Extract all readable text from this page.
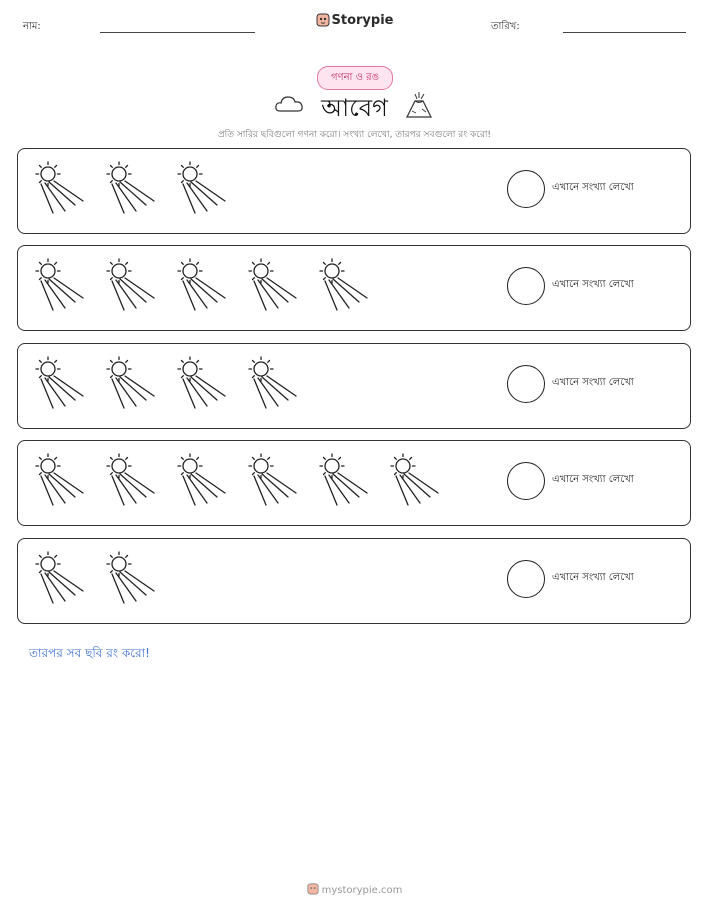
নাম:	Storypie	তারিখ:
গণনা ও রঙ
আবেগ
প্রতি সারির ছবিগুলো গণনা করো। সংখ্যা লেখো, তারপর সবগুলো রং করো!
এখানে সংখ্যা লেখো
এখানে সংখ্যা লেখো
এখানে সংখ্যা লেখো
এখানে সংখ্যা লেখো
এখানে সংখ্যা লেখো
তারপর সব ছবি রং করো!
mystorypie.com
